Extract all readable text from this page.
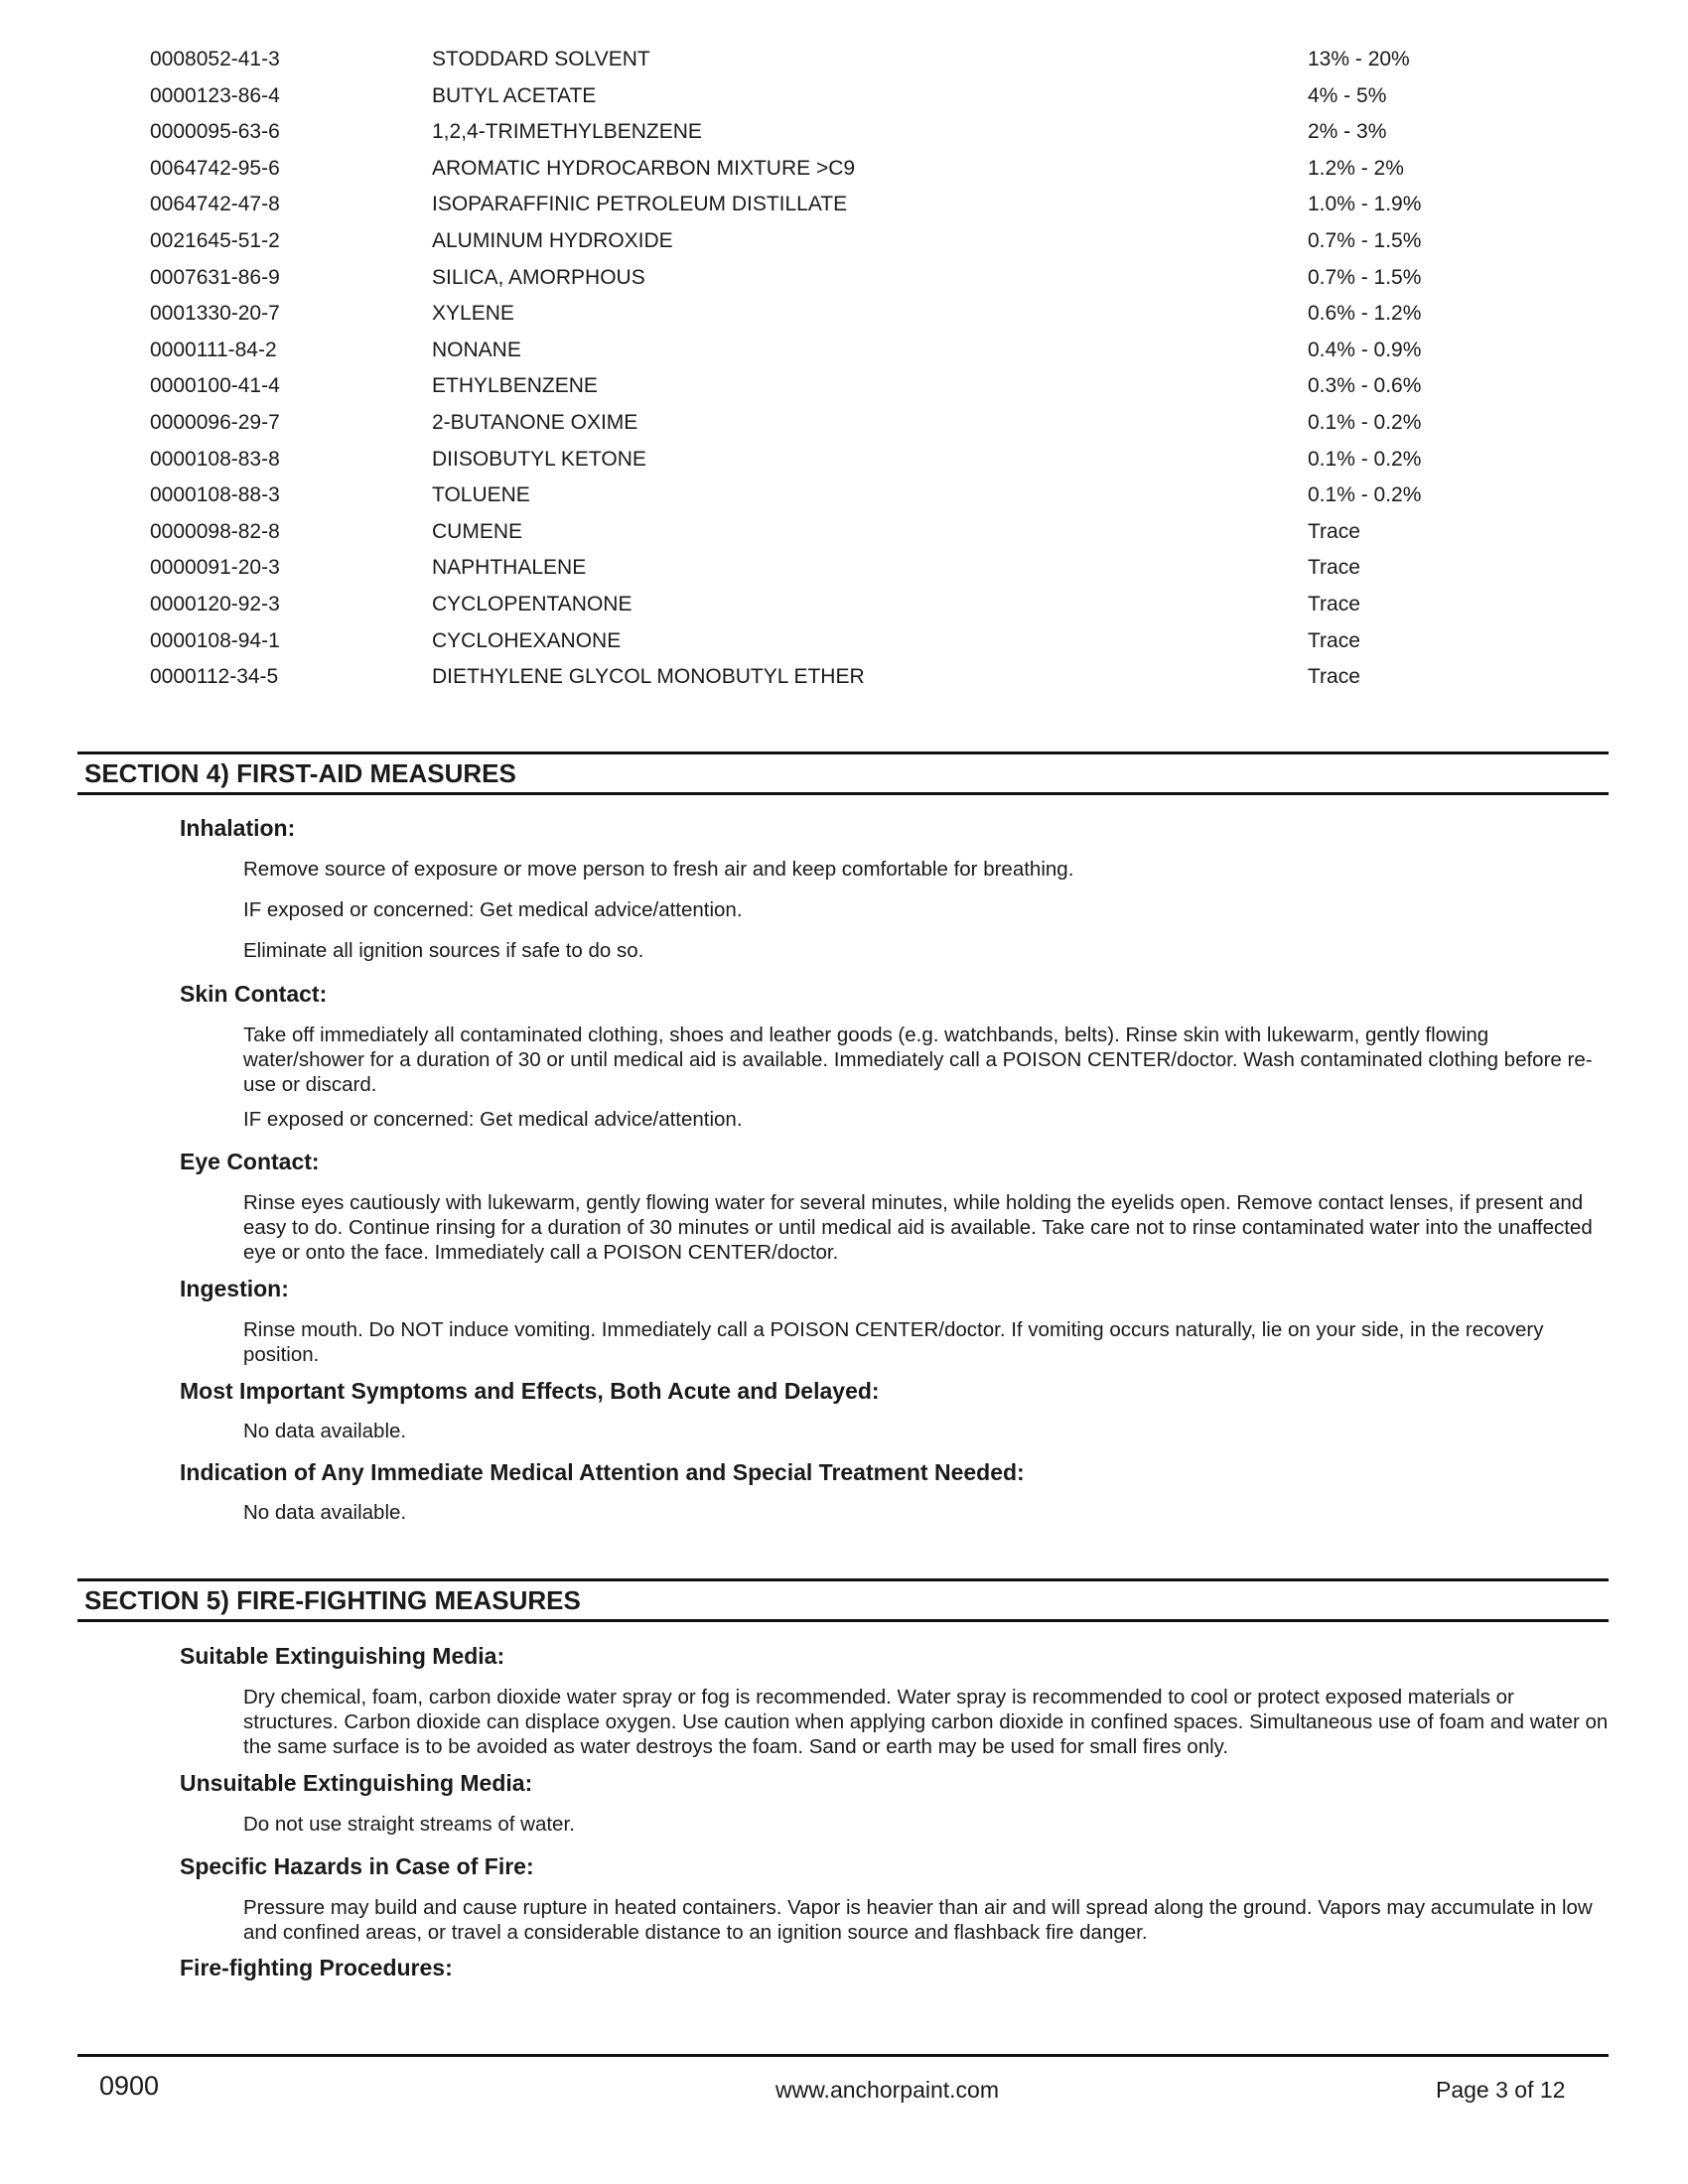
0008052-41-3	STODDARD SOLVENT	13% - 20%
0000123-86-4	BUTYL ACETATE	4% - 5%
0000095-63-6	1,2,4-TRIMETHYLBENZENE	2% - 3%
0064742-95-6	AROMATIC HYDROCARBON MIXTURE >C9	1.2% - 2%
0064742-47-8	ISOPARAFFINIC PETROLEUM DISTILLATE	1.0% - 1.9%
0021645-51-2	ALUMINUM HYDROXIDE	0.7% - 1.5%
0007631-86-9	SILICA, AMORPHOUS	0.7% - 1.5%
0001330-20-7	XYLENE	0.6% - 1.2%
0000111-84-2	NONANE	0.4% - 0.9%
0000100-41-4	ETHYLBENZENE	0.3% - 0.6%
0000096-29-7	2-BUTANONE OXIME	0.1% - 0.2%
0000108-83-8	DIISOBUTYL KETONE	0.1% - 0.2%
0000108-88-3	TOLUENE	0.1% - 0.2%
0000098-82-8	CUMENE	Trace
0000091-20-3	NAPHTHALENE	Trace
0000120-92-3	CYCLOPENTANONE	Trace
0000108-94-1	CYCLOHEXANONE	Trace
0000112-34-5	DIETHYLENE GLYCOL MONOBUTYL ETHER	Trace
SECTION 4) FIRST-AID MEASURES
Inhalation:
Remove source of exposure or move person to fresh air and keep comfortable for breathing.
IF exposed or concerned: Get medical advice/attention.
Eliminate all ignition sources if safe to do so.
Skin Contact:
Take off immediately all contaminated clothing, shoes and leather goods (e.g. watchbands, belts). Rinse skin with lukewarm, gently flowing water/shower for a duration of 30 or until medical aid is available. Immediately call a POISON CENTER/doctor. Wash contaminated clothing before re-use or discard.
IF exposed or concerned: Get medical advice/attention.
Eye Contact:
Rinse eyes cautiously with lukewarm, gently flowing water for several minutes, while holding the eyelids open. Remove contact lenses, if present and easy to do. Continue rinsing for a duration of 30 minutes or until medical aid is available. Take care not to rinse contaminated water into the unaffected eye or onto the face. Immediately call a POISON CENTER/doctor.
Ingestion:
Rinse mouth. Do NOT induce vomiting. Immediately call a POISON CENTER/doctor. If vomiting occurs naturally, lie on your side, in the recovery position.
Most Important Symptoms and Effects, Both Acute and Delayed:
No data available.
Indication of Any Immediate Medical Attention and Special Treatment Needed:
No data available.
SECTION 5) FIRE-FIGHTING MEASURES
Suitable Extinguishing Media:
Dry chemical, foam, carbon dioxide water spray or fog is recommended. Water spray is recommended to cool or protect exposed materials or structures. Carbon dioxide can displace oxygen. Use caution when applying carbon dioxide in confined spaces. Simultaneous use of foam and water on the same surface is to be avoided as water destroys the foam. Sand or earth may be used for small fires only.
Unsuitable Extinguishing Media:
Do not use straight streams of water.
Specific Hazards in Case of Fire:
Pressure may build and cause rupture in heated containers. Vapor is heavier than air and will spread along the ground. Vapors may accumulate in low and confined areas, or travel a considerable distance to an ignition source and flashback fire danger.
Fire-fighting Procedures:
0900	www.anchorpaint.com	Page 3 of 12
